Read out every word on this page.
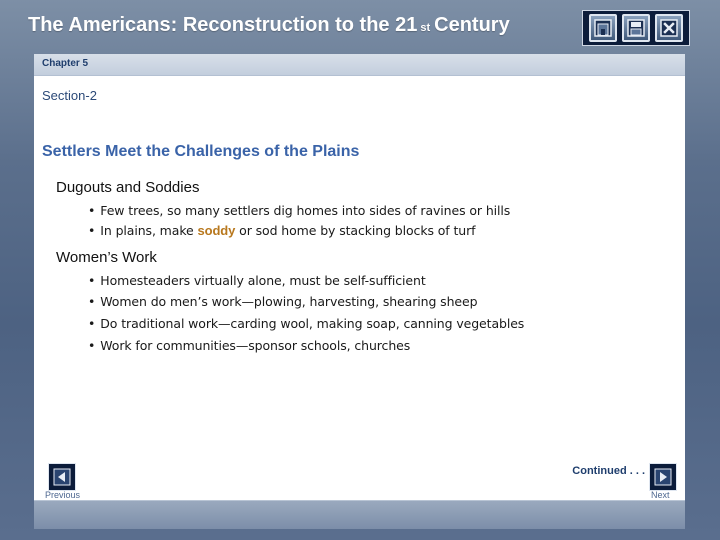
The Americans: Reconstruction to the 21 st Century
Chapter 5
Section-2
Settlers Meet the Challenges of the Plains
Dugouts and Soddies
• Few trees, so many settlers dig homes into sides of ravines or hills
• In plains, make soddy or sod home by stacking blocks of turf
Women’s Work
• Homesteaders virtually alone, must be self-sufficient
• Women do men’s work—plowing, harvesting, shearing sheep
• Do traditional work—carding wool, making soap, canning vegetables
• Work for communities—sponsor schools, churches
Continued . . .
Previous	Next
